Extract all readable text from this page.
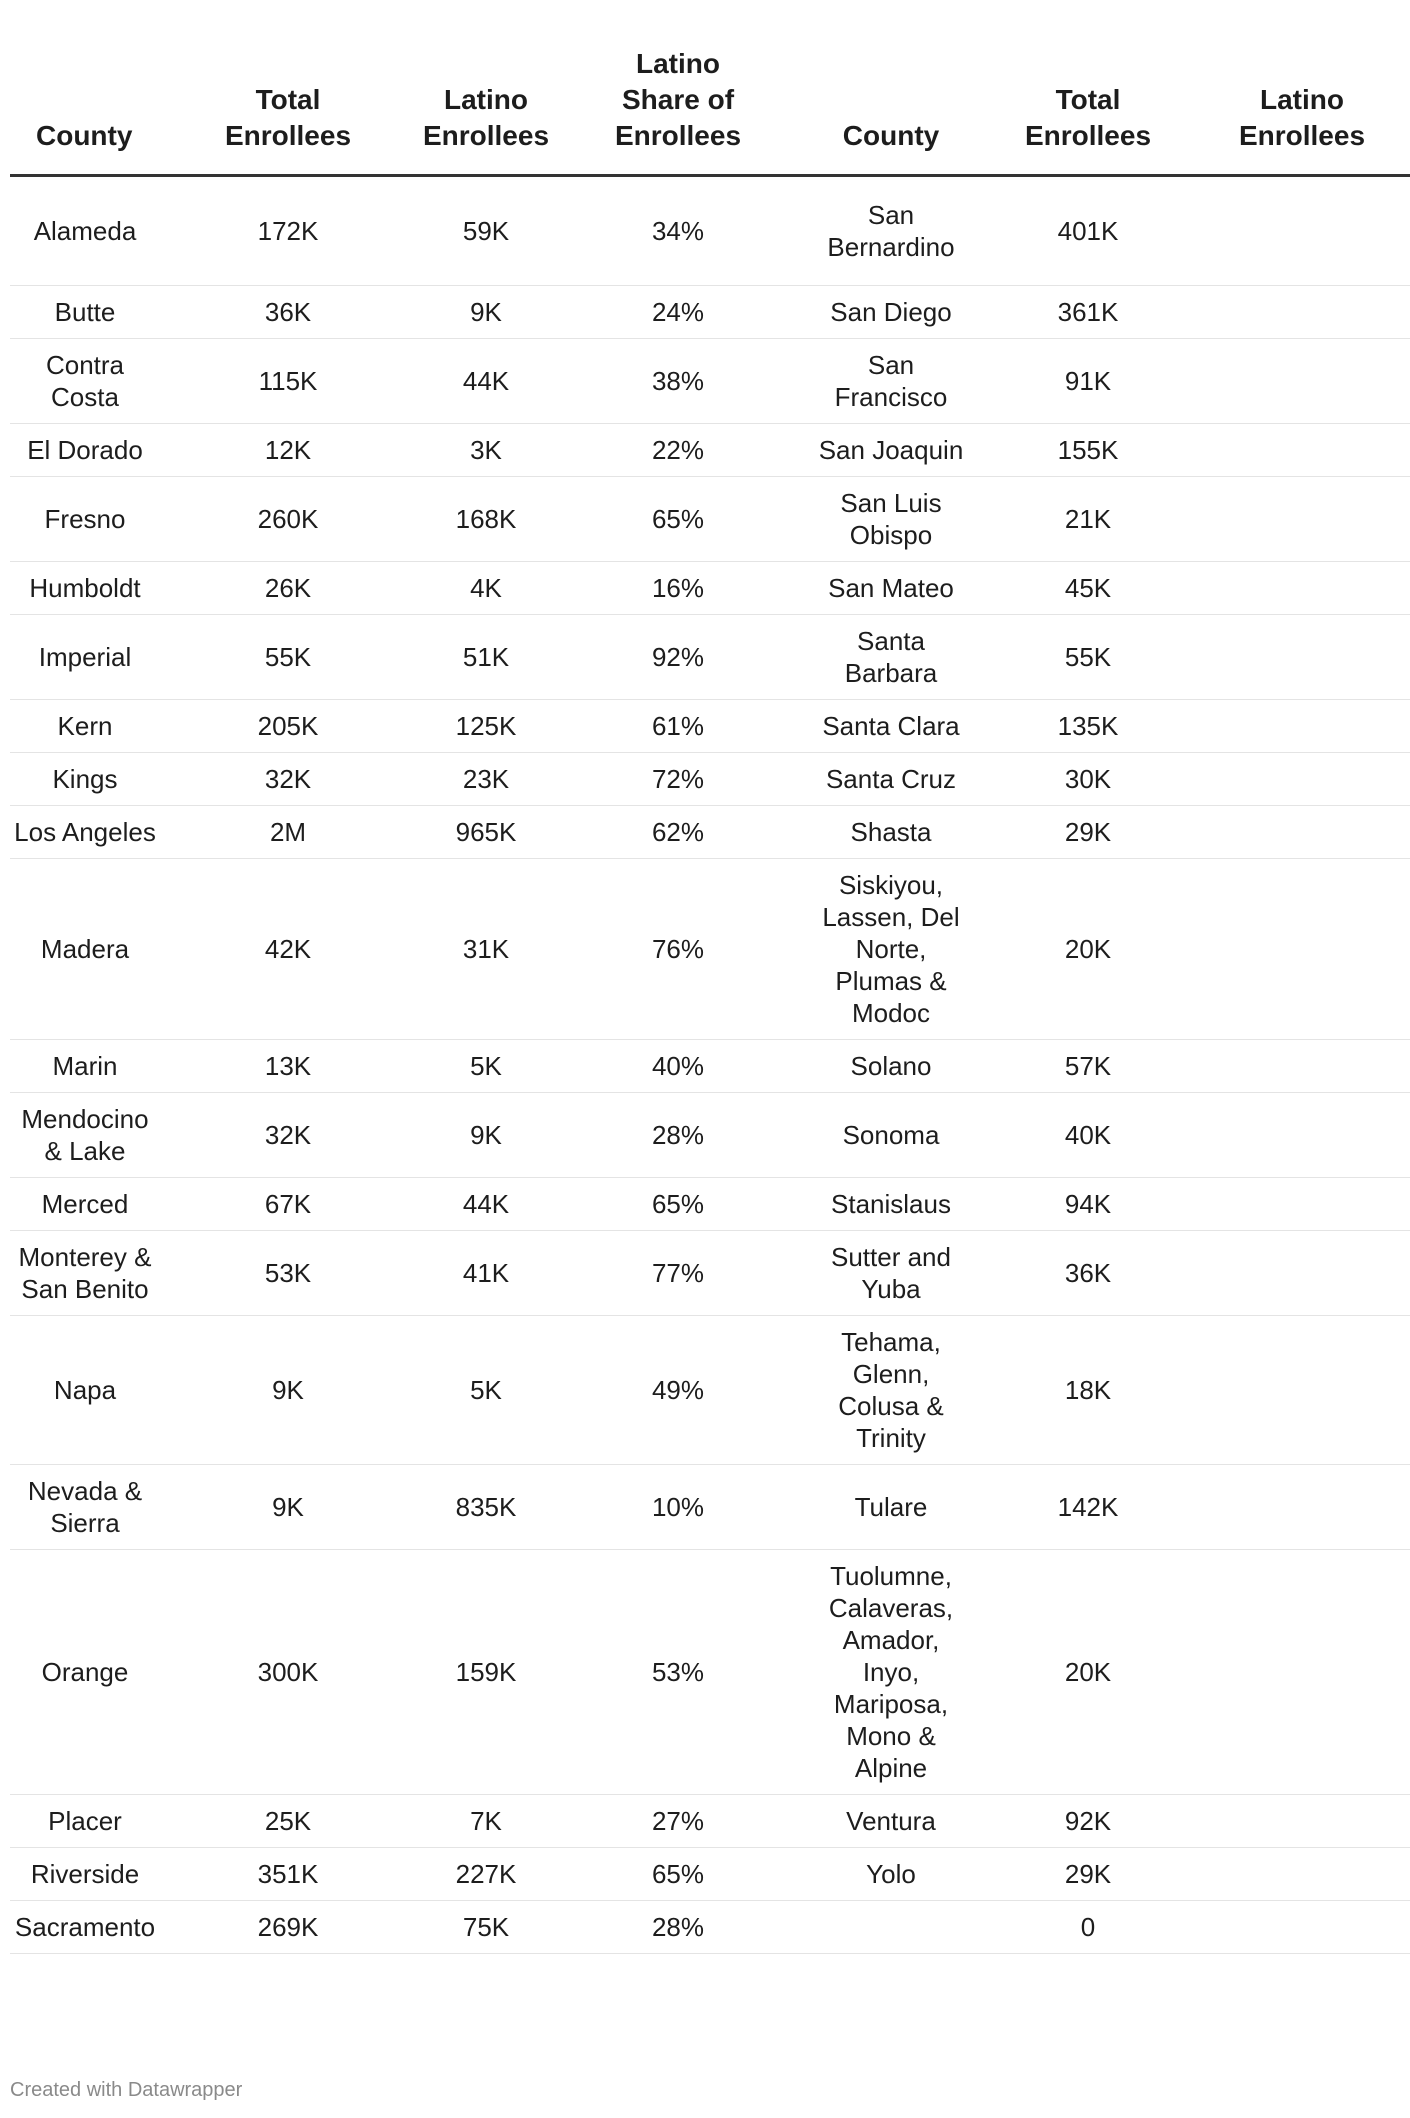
County	Total Enrollees	Latino Enrollees	Latino Share of Enrollees	County	Total Enrollees	Latino Enrollees
Alameda	172K	59K	34%	San Bernardino	401K	
Butte	36K	9K	24%	San Diego	361K	
Contra Costa	115K	44K	38%	San Francisco	91K	
El Dorado	12K	3K	22%	San Joaquin	155K	
Fresno	260K	168K	65%	San Luis Obispo	21K	
Humboldt	26K	4K	16%	San Mateo	45K	
Imperial	55K	51K	92%	Santa Barbara	55K	
Kern	205K	125K	61%	Santa Clara	135K	
Kings	32K	23K	72%	Santa Cruz	30K	
Los Angeles	2M	965K	62%	Shasta	29K	
Madera	42K	31K	76%	Siskiyou, Lassen, Del Norte, Plumas & Modoc	20K	
Marin	13K	5K	40%	Solano	57K	
Mendocino & Lake	32K	9K	28%	Sonoma	40K	
Merced	67K	44K	65%	Stanislaus	94K	
Monterey & San Benito	53K	41K	77%	Sutter and Yuba	36K	
Napa	9K	5K	49%	Tehama, Glenn, Colusa & Trinity	18K	
Nevada & Sierra	9K	835K	10%	Tulare	142K	
Orange	300K	159K	53%	Tuolumne, Calaveras, Amador, Inyo, Mariposa, Mono & Alpine	20K	
Placer	25K	7K	27%	Ventura	92K	
Riverside	351K	227K	65%	Yolo	29K	
Sacramento	269K	75K	28%		0	
Created with Datawrapper
